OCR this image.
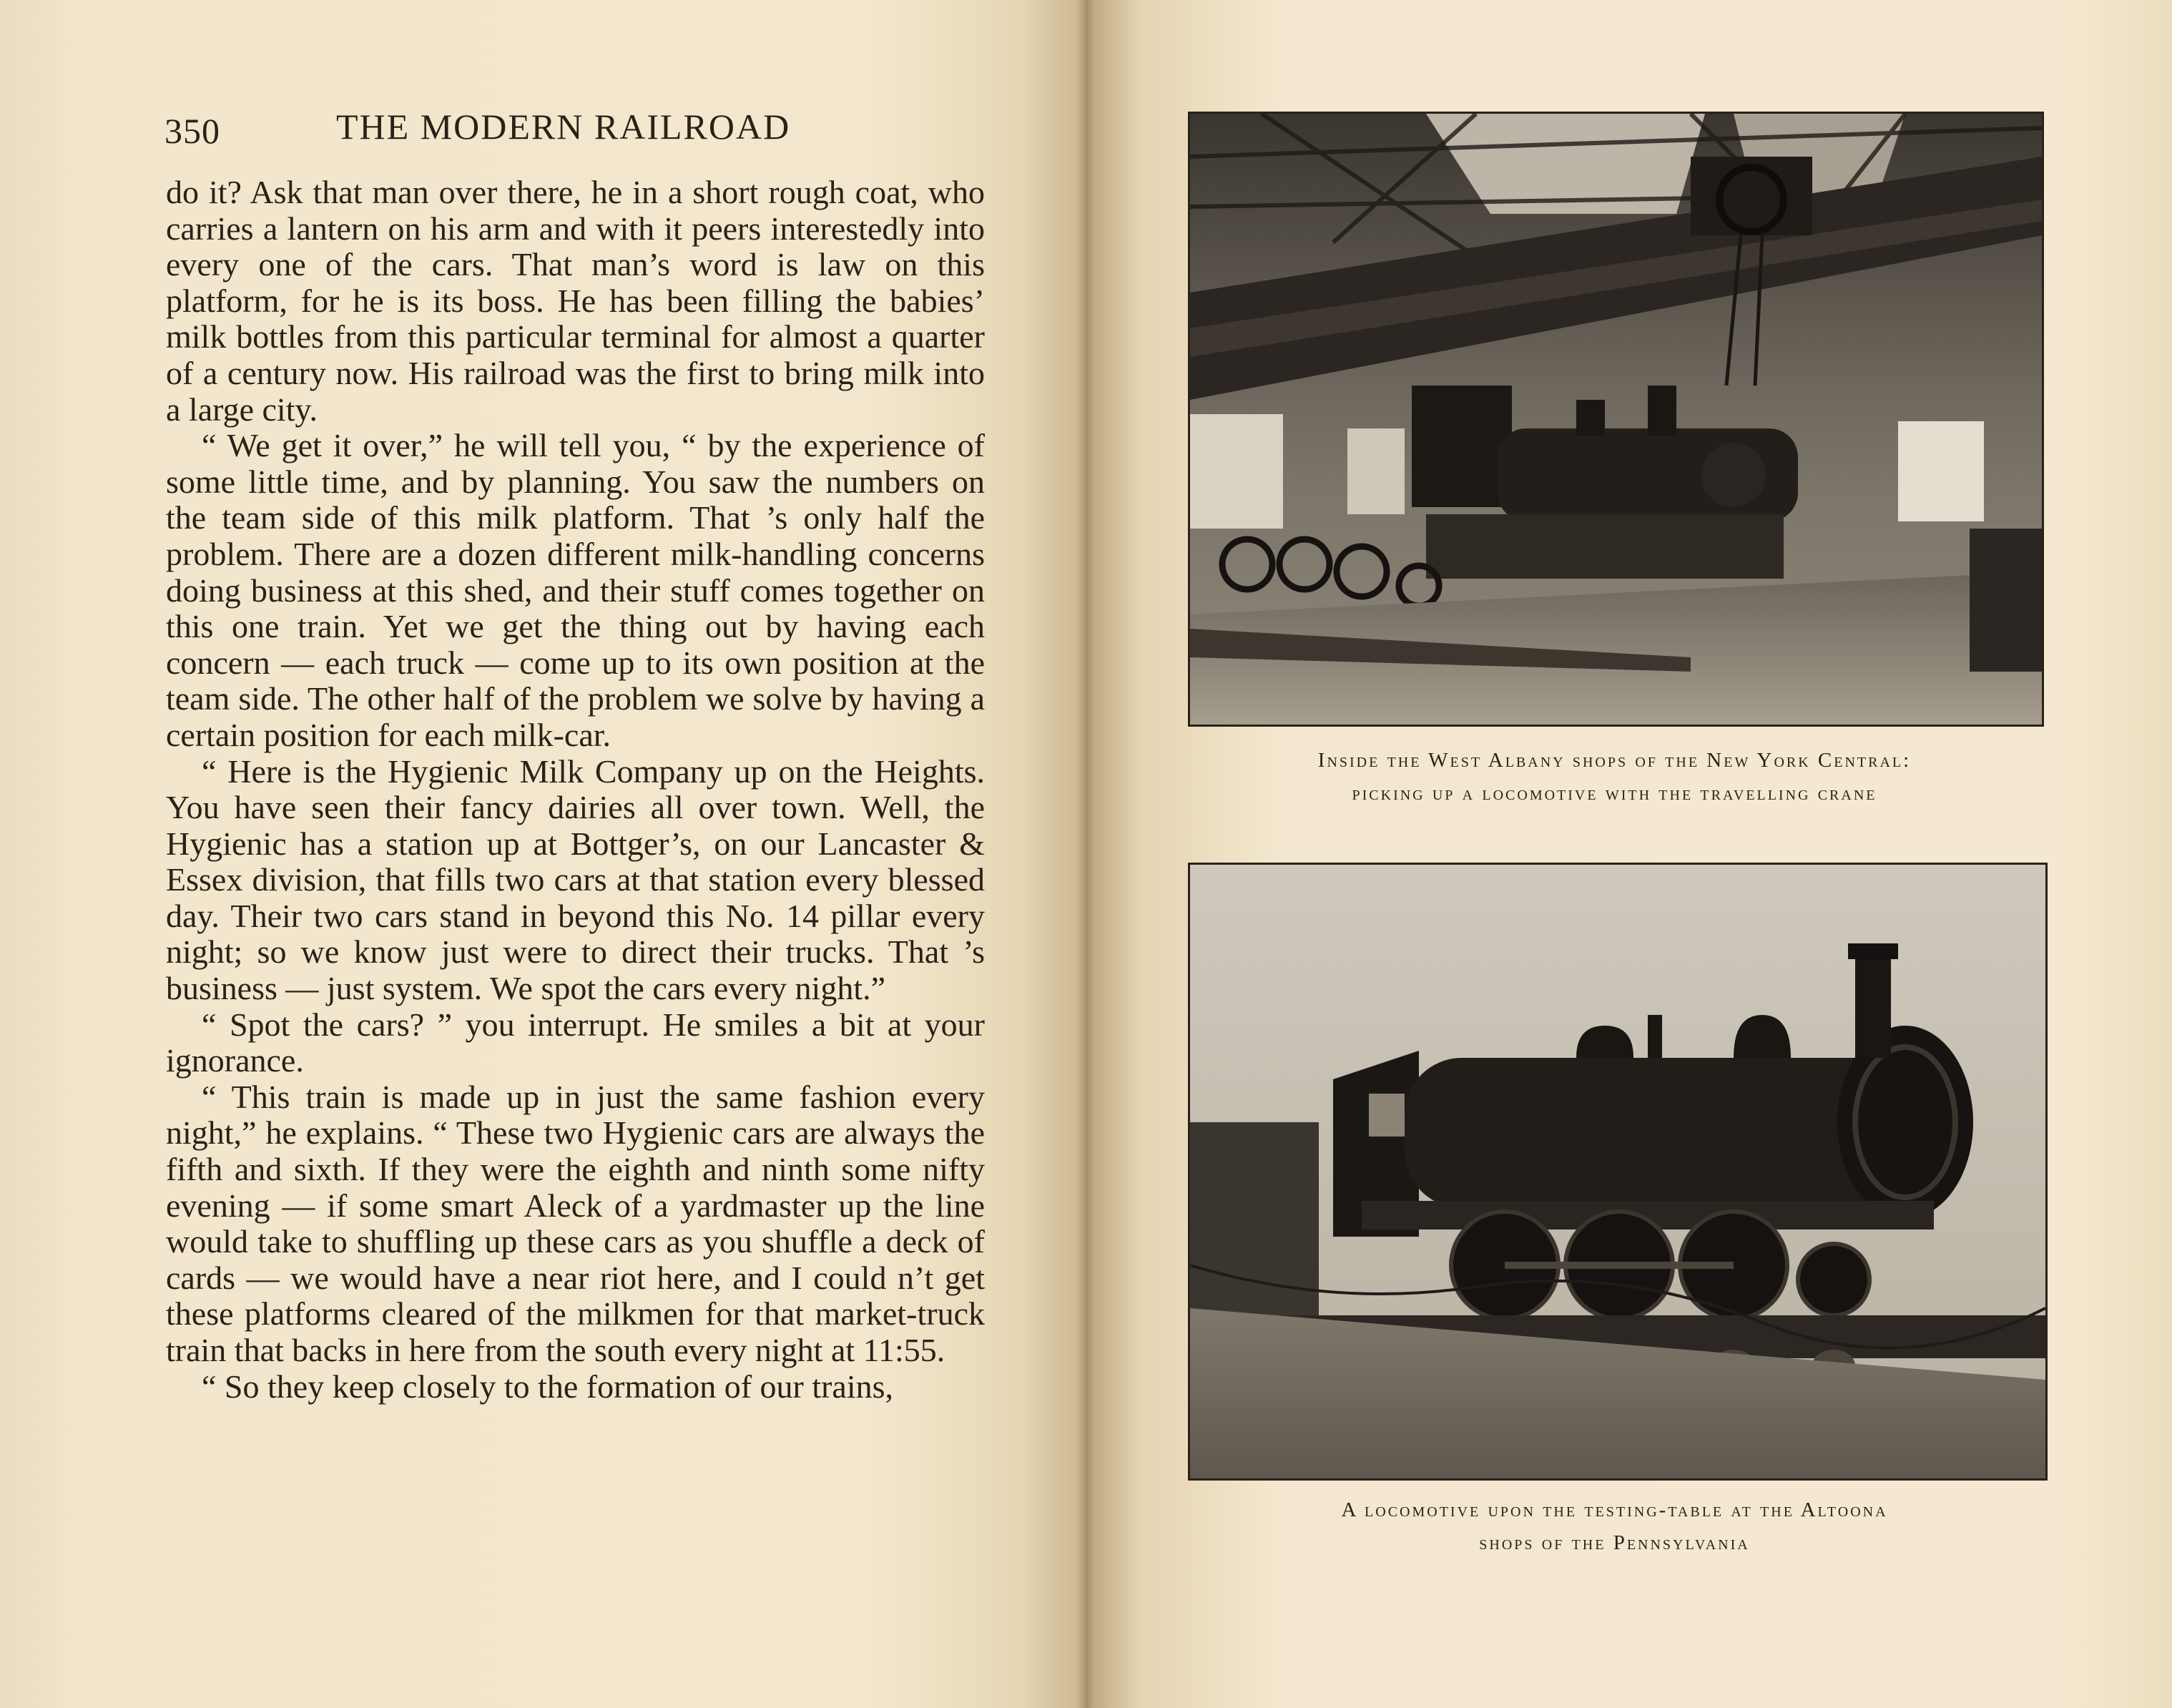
350	THE MODERN RAILROAD

do it? Ask that man over there, he in a short rough coat, who carries a lantern on his arm and with it peers interestedly into every one of the cars. That man’s word is law on this platform, for he is its boss. He has been filling the babies’ milk bottles from this particular terminal for almost a quarter of a century now. His railroad was the first to bring milk into a large city.

“ We get it over,” he will tell you, “ by the experience of some little time, and by planning. You saw the numbers on the team side of this milk platform. That ’s only half the problem. There are a dozen different milk-handling concerns doing business at this shed, and their stuff comes together on this one train. Yet we get the thing out by having each concern — each truck — come up to its own position at the team side. The other half of the problem we solve by having a certain position for each milk-car.

“ Here is the Hygienic Milk Company up on the Heights. You have seen their fancy dairies all over town. Well, the Hygienic has a station up at Bottger’s, on our Lancaster & Essex division, that fills two cars at that station every blessed day. Their two cars stand in beyond this No. 14 pillar every night; so we know just were to direct their trucks. That ’s business — just system. We spot the cars every night.”

“ Spot the cars? ” you interrupt. He smiles a bit at your ignorance.

“ This train is made up in just the same fashion every night,” he explains. “ These two Hygienic cars are always the fifth and sixth. If they were the eighth and ninth some nifty evening — if some smart Aleck of a yardmaster up the line would take to shuffling up these cars as you shuffle a deck of cards — we would have a near riot here, and I could n’t get these platforms cleared of the milkmen for that market-truck train that backs in here from the south every night at 11:55.

“ So they keep closely to the formation of our trains,

Inside the West Albany shops of the New York Central:
picking up a locomotive with the travelling crane
A locomotive upon the testing-table at the Altoona
shops of the Pennsylvania
